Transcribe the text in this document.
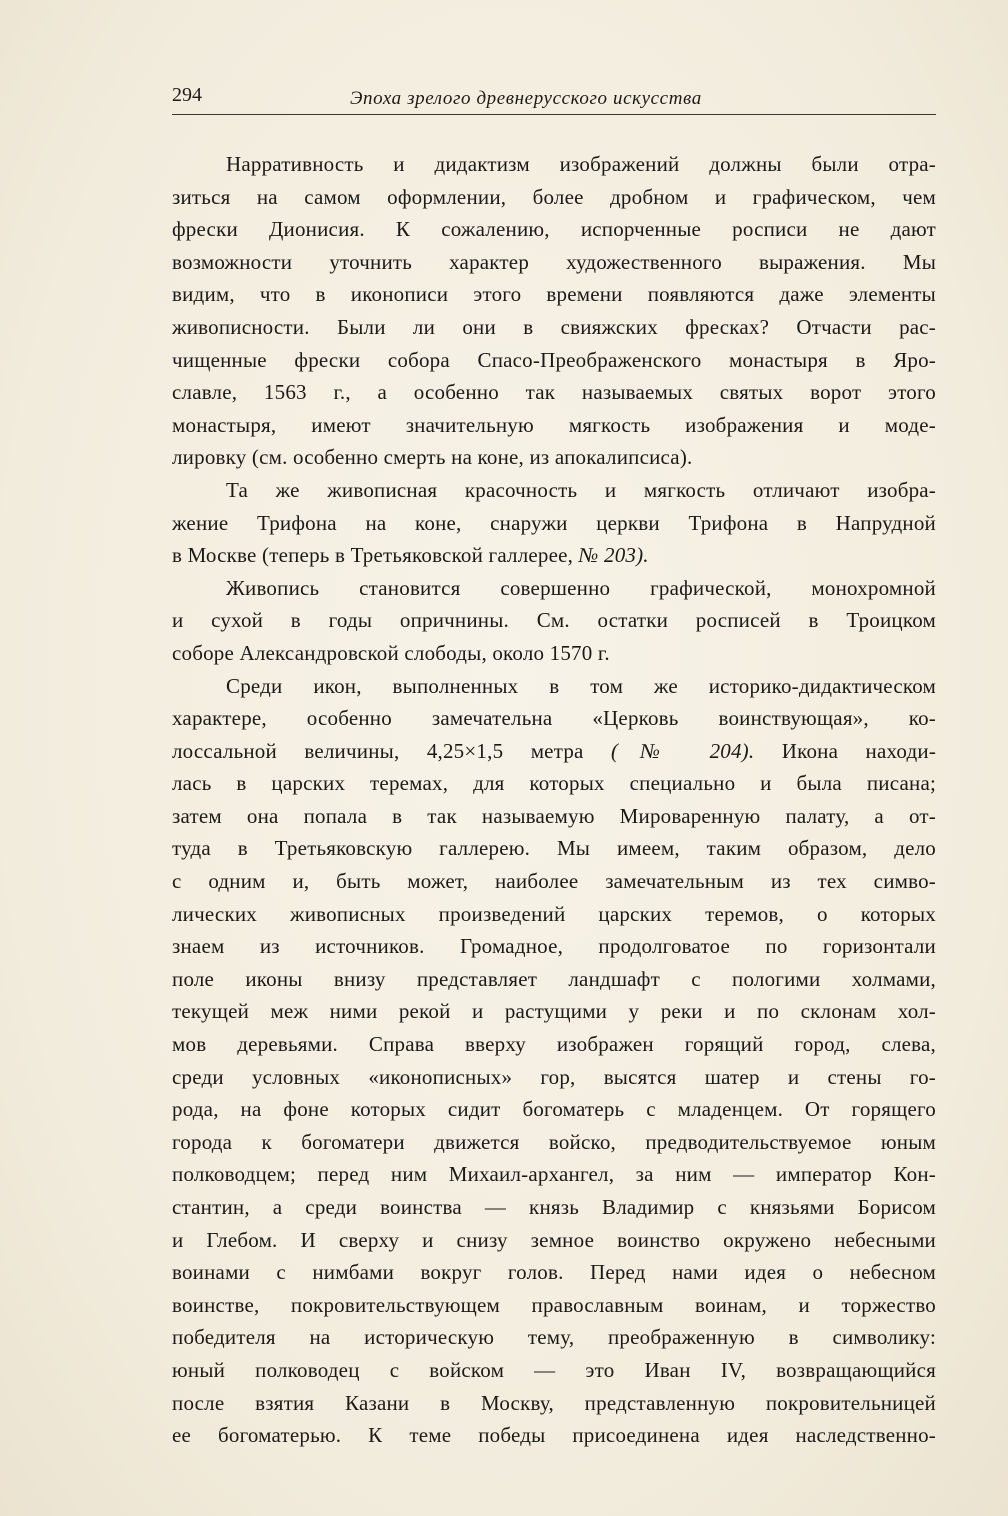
294	Эпоха зрелого древнерусского искусства

Нарративность и дидактизм изображений должны были отра-
зиться на самом оформлении, более дробном и графическом, чем
фрески Дионисия. К сожалению, испорченные росписи не дают
возможности уточнить характер художественного выражения. Мы
видим, что в иконописи этого времени появляются даже элементы
живописности. Были ли они в свияжских фресках? Отчасти рас-
чищенные фрески собора Спасо-Преображенского монастыря в Яро-
славле, 1563 г., а особенно так называемых святых ворот этого
монастыря, имеют значительную мягкость изображения и моде-
лировку (см. особенно смерть на коне, из апокалипсиса).

Та же живописная красочность и мягкость отличают изобра-
жение Трифона на коне, снаружи церкви Трифона в Напрудной
в Москве (теперь в Третьяковской галлерее, № 203).

Живопись становится совершенно графической, монохромной
и сухой в годы опричнины. См. остатки росписей в Троицком
соборе Александровской слободы, около 1570 г.

Среди икон, выполненных в том же историко-дидактическом
характере, особенно замечательна «Церковь воинствующая», ко-
лоссальной величины, 4,25×1,5 метра (№ 204). Икона находи-
лась в царских теремах, для которых специально и была писана;
затем она попала в так называемую Мироваренную палату, а от-
туда в Третьяковскую галлерею. Мы имеем, таким образом, дело
с одним и, быть может, наиболее замечательным из тех симво-
лических живописных произведений царских теремов, о которых
знаем из источников. Громадное, продолговатое по горизонтали
поле иконы внизу представляет ландшафт с пологими холмами,
текущей меж ними рекой и растущими у реки и по склонам хол-
мов деревьями. Справа вверху изображен горящий город, слева,
среди условных «иконописных» гор, высятся шатер и стены го-
рода, на фоне которых сидит богоматерь с младенцем. От горящего
города к богоматери движется войско, предводительствуемое юным
полководцем; перед ним Михаил-архангел, за ним — император Кон-
стантин, а среди воинства — князь Владимир с князьями Борисом
и Глебом. И сверху и снизу земное воинство окружено небесными
воинами с нимбами вокруг голов. Перед нами идея о небесном
воинстве, покровительствующем православным воинам, и торжество
победителя на историческую тему, преображенную в символику:
юный полководец с войском — это Иван IV, возвращающийся
после взятия Казани в Москву, представленную покровительницей
ее богоматерью. К теме победы присоединена идея наследственно-
